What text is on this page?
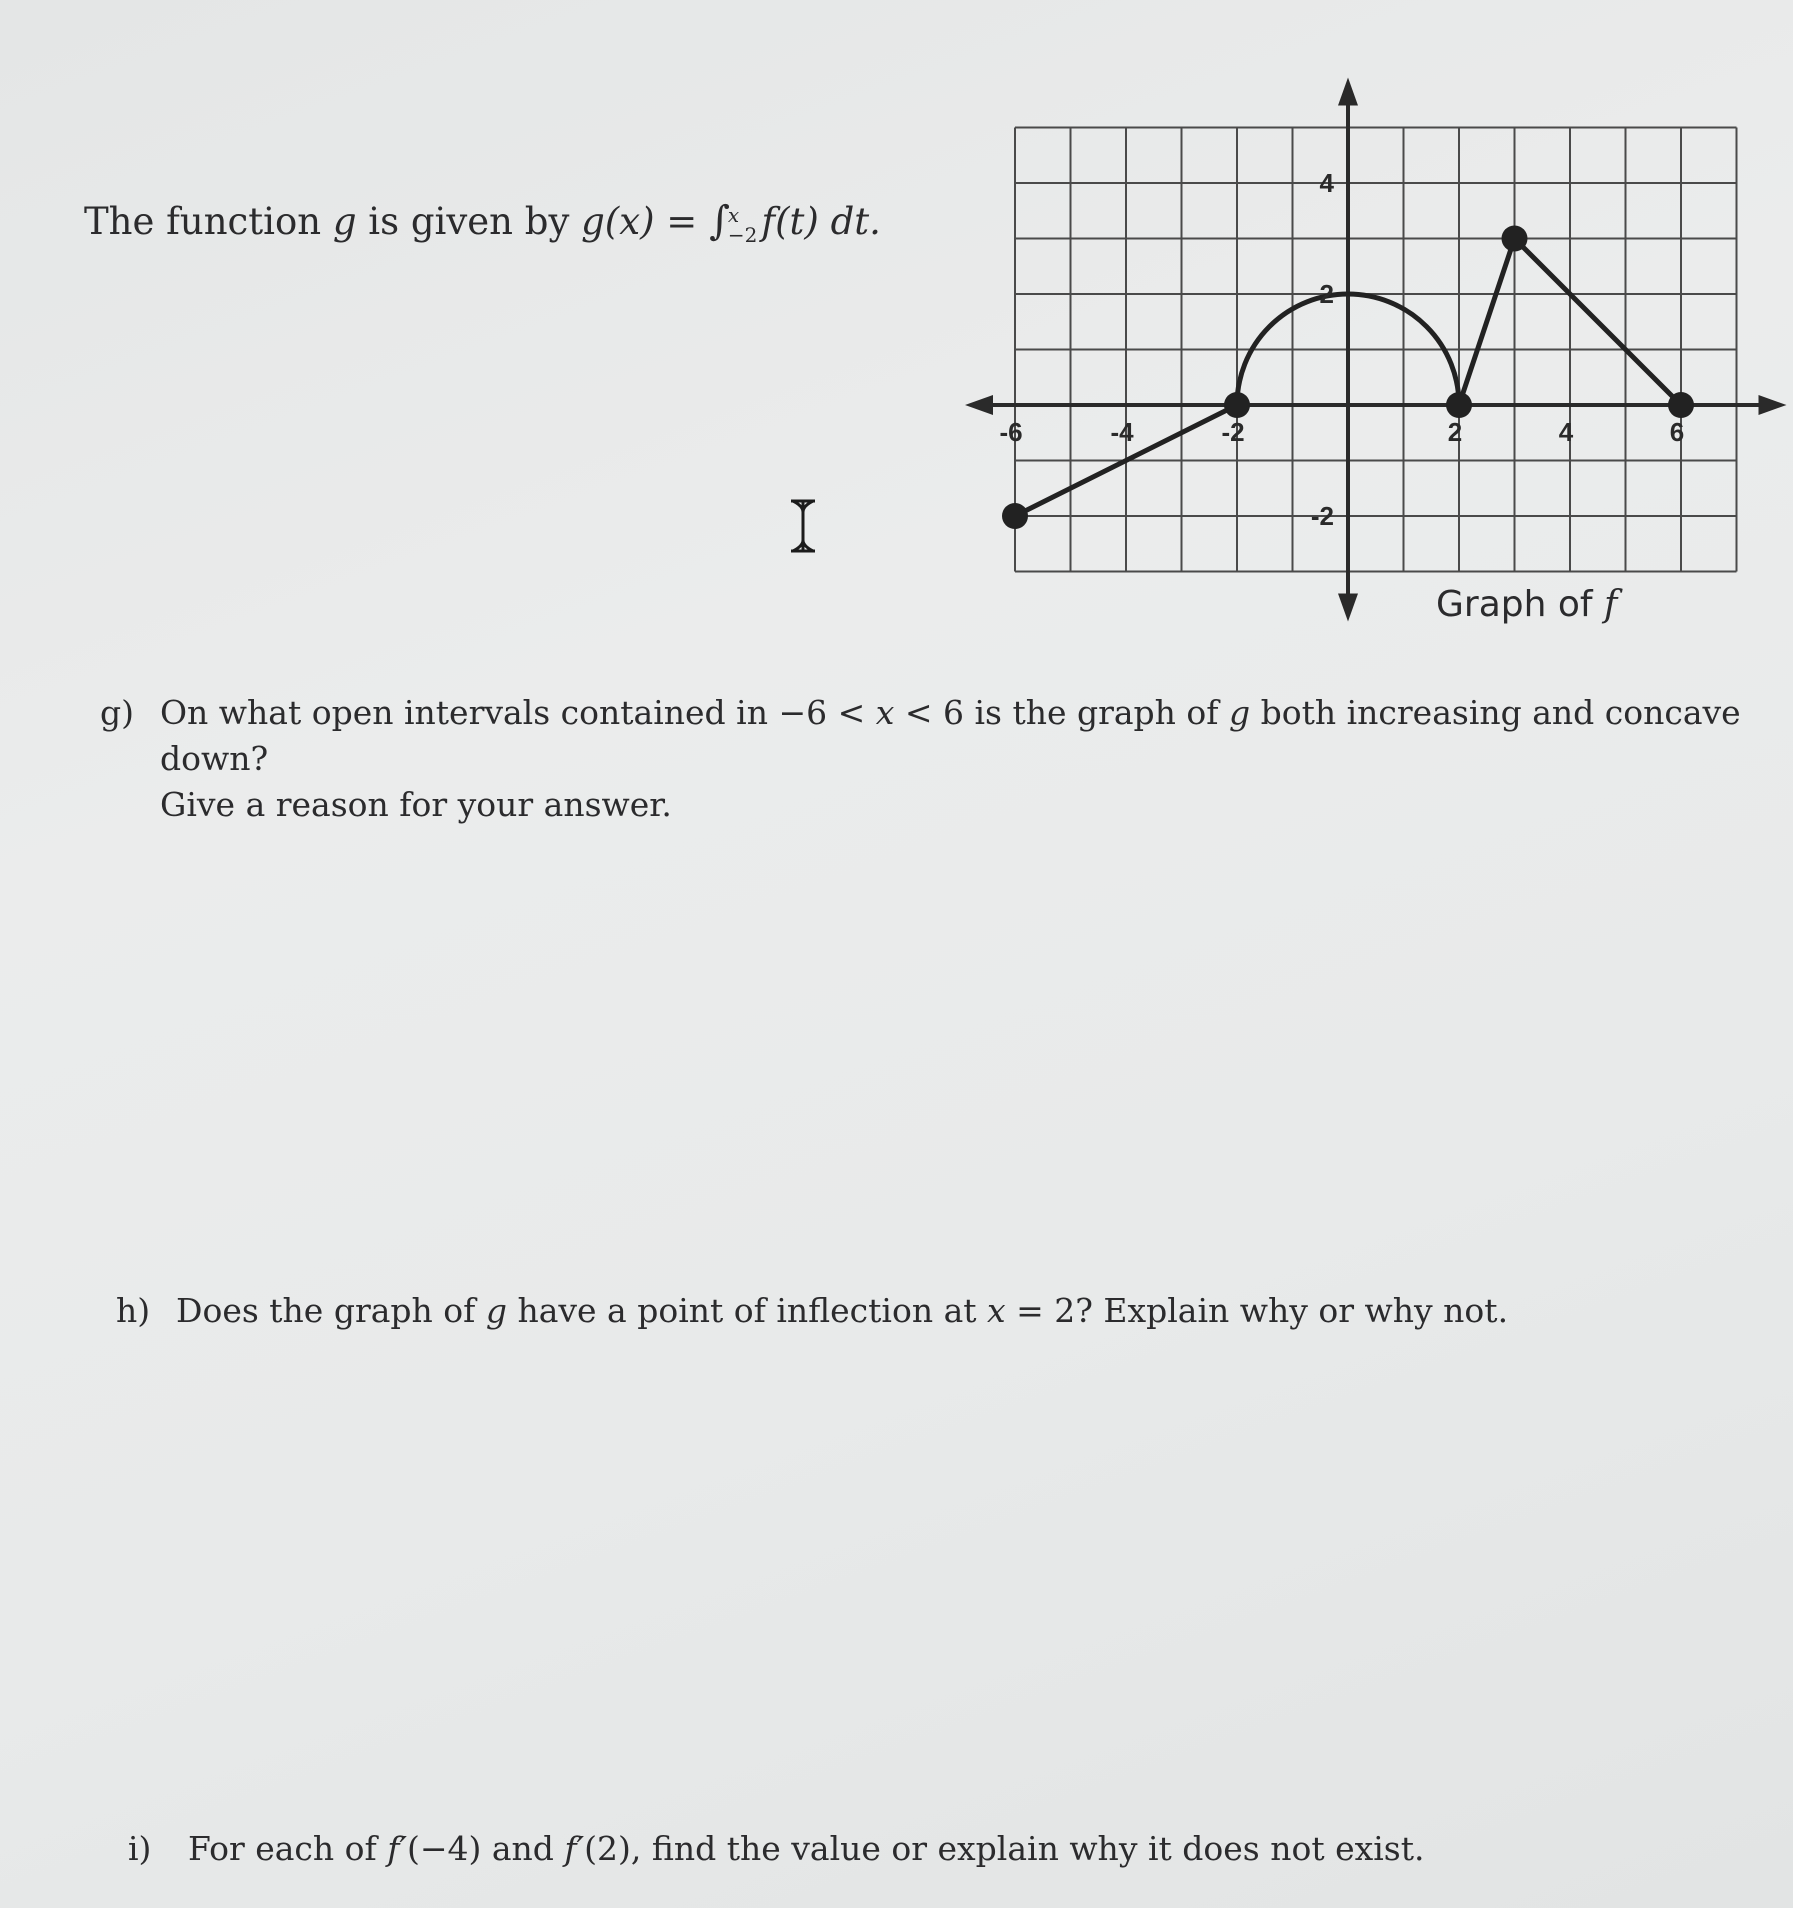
The function g is given by g(x) = ∫
x
−2 f(t) dt.
-6	-4	-2	2	4	6
4
2
-2
Graph of f
g) On what open intervals contained in −6 < x < 6 is the graph of g both increasing and concave down?
Give a reason for your answer.
h) Does the graph of g have a point of inflection at x = 2? Explain why or why not.
i) For each of f′(−4) and f′(2), find the value or explain why it does not exist.
